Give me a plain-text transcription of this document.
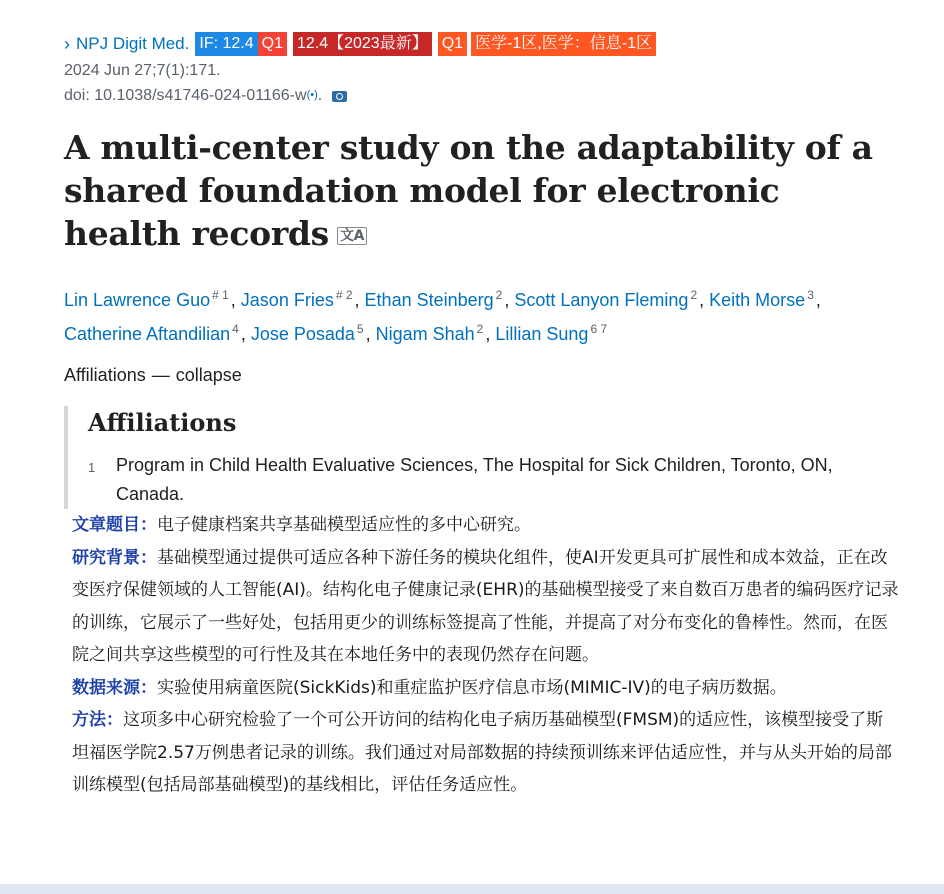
› NPJ Digit Med. IF: 12.4 Q1 12.4【2023最新】 Q1 医学-1区,医学：信息-1区
2024 Jun 27;7(1):171.
doi: 10.1038/s41746-024-01166-w (•) .
A multi-center study on the adaptability of a shared foundation model for electronic health records 文A
Lin Lawrence Guo $^{\# 1}$ , Jason Fries $^{\# 2}$ , Ethan Steinberg $^2$ , Scott Lanyon Fleming $^2$ , Keith Morse $^3$ ,
Catherine Aftandilian $^4$ , Jose Posada $^5$ , Nigam Shah $^2$ , Lillian Sung $^{6 7}$
Affiliations — collapse
Affiliations
1	Program in Child Health Evaluative Sciences, The Hospital for Sick Children, Toronto, ON, Canada.

文章题目：电子健康档案共享基础模型适应性的多中心研究。

研究背景：基础模型通过提供可适应各种下游任务的模块化组件，使AI开发更具可扩展性和成本效益，正在改变医疗保健领域的人工智能(AI)。结构化电子健康记录(EHR)的基础模型接受了来自数百万患者的编码医疗记录的训练，它展示了一些好处，包括用更少的训练标签提高了性能，并提高了对分布变化的鲁棒性。然而，在医院之间共享这些模型的可行性及其在本地任务中的表现仍然存在问题。

数据来源：实验使用病童医院(SickKids)和重症监护医疗信息市场(MIMIC-IV)的电子病历数据。

方法：这项多中心研究检验了一个可公开访问的结构化电子病历基础模型(FMSM)的适应性，该模型接受了斯坦福医学院2.57万例患者记录的训练。我们通过对局部数据的持续预训练来评估适应性，并与从头开始的局部训练模型(包括局部基础模型)的基线相比，评估任务适应性。
